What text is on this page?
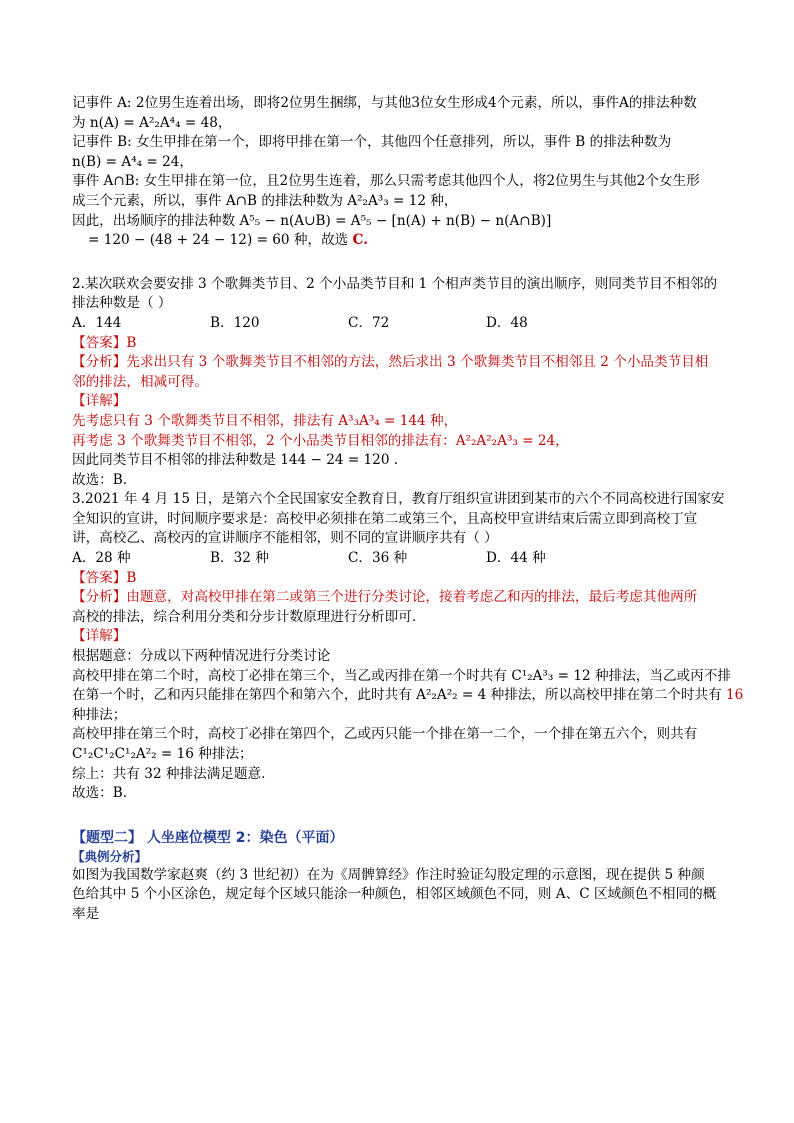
记事件 A: 2位男生连着出场，即将2位男生捆绑，与其他3位女生形成4个元素，所以，事件A的排法种数
为 n(A) = A²₂A⁴₄ = 48，
记事件 B: 女生甲排在第一个，即将甲排在第一个，其他四个任意排列，所以，事件 B 的排法种数为
n(B) = A⁴₄ = 24，
事件 A∩B: 女生甲排在第一位，且2位男生连着，那么只需考虑其他四个人，将2位男生与其他2个女生形
成三个元素，所以，事件 A∩B 的排法种数为 A²₂A³₃ = 12 种，
因此，出场顺序的排法种数 A⁵₅ − n(A∪B) = A⁵₅ − [n(A) + n(B) − n(A∩B)]
= 120 − (48 + 24 − 12) = 60 种，故选 C.
2.某次联欢会要安排 3 个歌舞类节目、2 个小品类节目和 1 个相声类节目的演出顺序，则同类节目不相邻的
排法种数是（ ）
A．144	B．120	C．72	D．48
【答案】B
【分析】先求出只有 3 个歌舞类节目不相邻的方法，然后求出 3 个歌舞类节目不相邻且 2 个小品类节目相
邻的排法，相减可得。
【详解】
先考虑只有 3 个歌舞类节目不相邻，排法有 A³₃A³₄ = 144 种，
再考虑 3 个歌舞类节目不相邻，2 个小品类节目相邻的排法有：A²₂A²₂A³₃ = 24，
因此同类节目不相邻的排法种数是 144 − 24 = 120 .
故选：B.
3.2021 年 4 月 15 日，是第六个全民国家安全教育日，教育厅组织宣讲团到某市的六个不同高校进行国家安
全知识的宣讲，时间顺序要求是：高校甲必须排在第二或第三个，且高校甲宣讲结束后需立即到高校丁宣
讲，高校乙、高校丙的宣讲顺序不能相邻，则不同的宣讲顺序共有（ ）
A．28 种	B．32 种	C．36 种	D．44 种
【答案】B
【分析】由题意，对高校甲排在第二或第三个进行分类讨论，接着考虑乙和丙的排法，最后考虑其他两所
高校的排法，综合利用分类和分步计数原理进行分析即可.
【详解】
根据题意：分成以下两种情况进行分类讨论
高校甲排在第二个时，高校丁必排在第三个，当乙或丙排在第一个时共有 C¹₂A³₃ = 12 种排法，当乙或丙不排
在第一个时，乙和丙只能排在第四个和第六个，此时共有 A²₂A²₂ = 4 种排法，所以高校甲排在第二个时共有 16
种排法；
高校甲排在第三个时，高校丁必排在第四个，乙或丙只能一个排在第一二个，一个排在第五六个，则共有
C¹₂C¹₂C¹₂A²₂ = 16 种排法；
综上：共有 32 种排法满足题意.
故选：B.
【题型二】 人坐座位模型 2：染色（平面）
【典例分析】
如图为我国数学家赵爽（约 3 世纪初）在为《周髀算经》作注时验证勾股定理的示意图，现在提供 5 种颜
色给其中 5 个小区涂色，规定每个区域只能涂一种颜色，相邻区域颜色不同，则 A、C 区域颜色不相同的概
率是
